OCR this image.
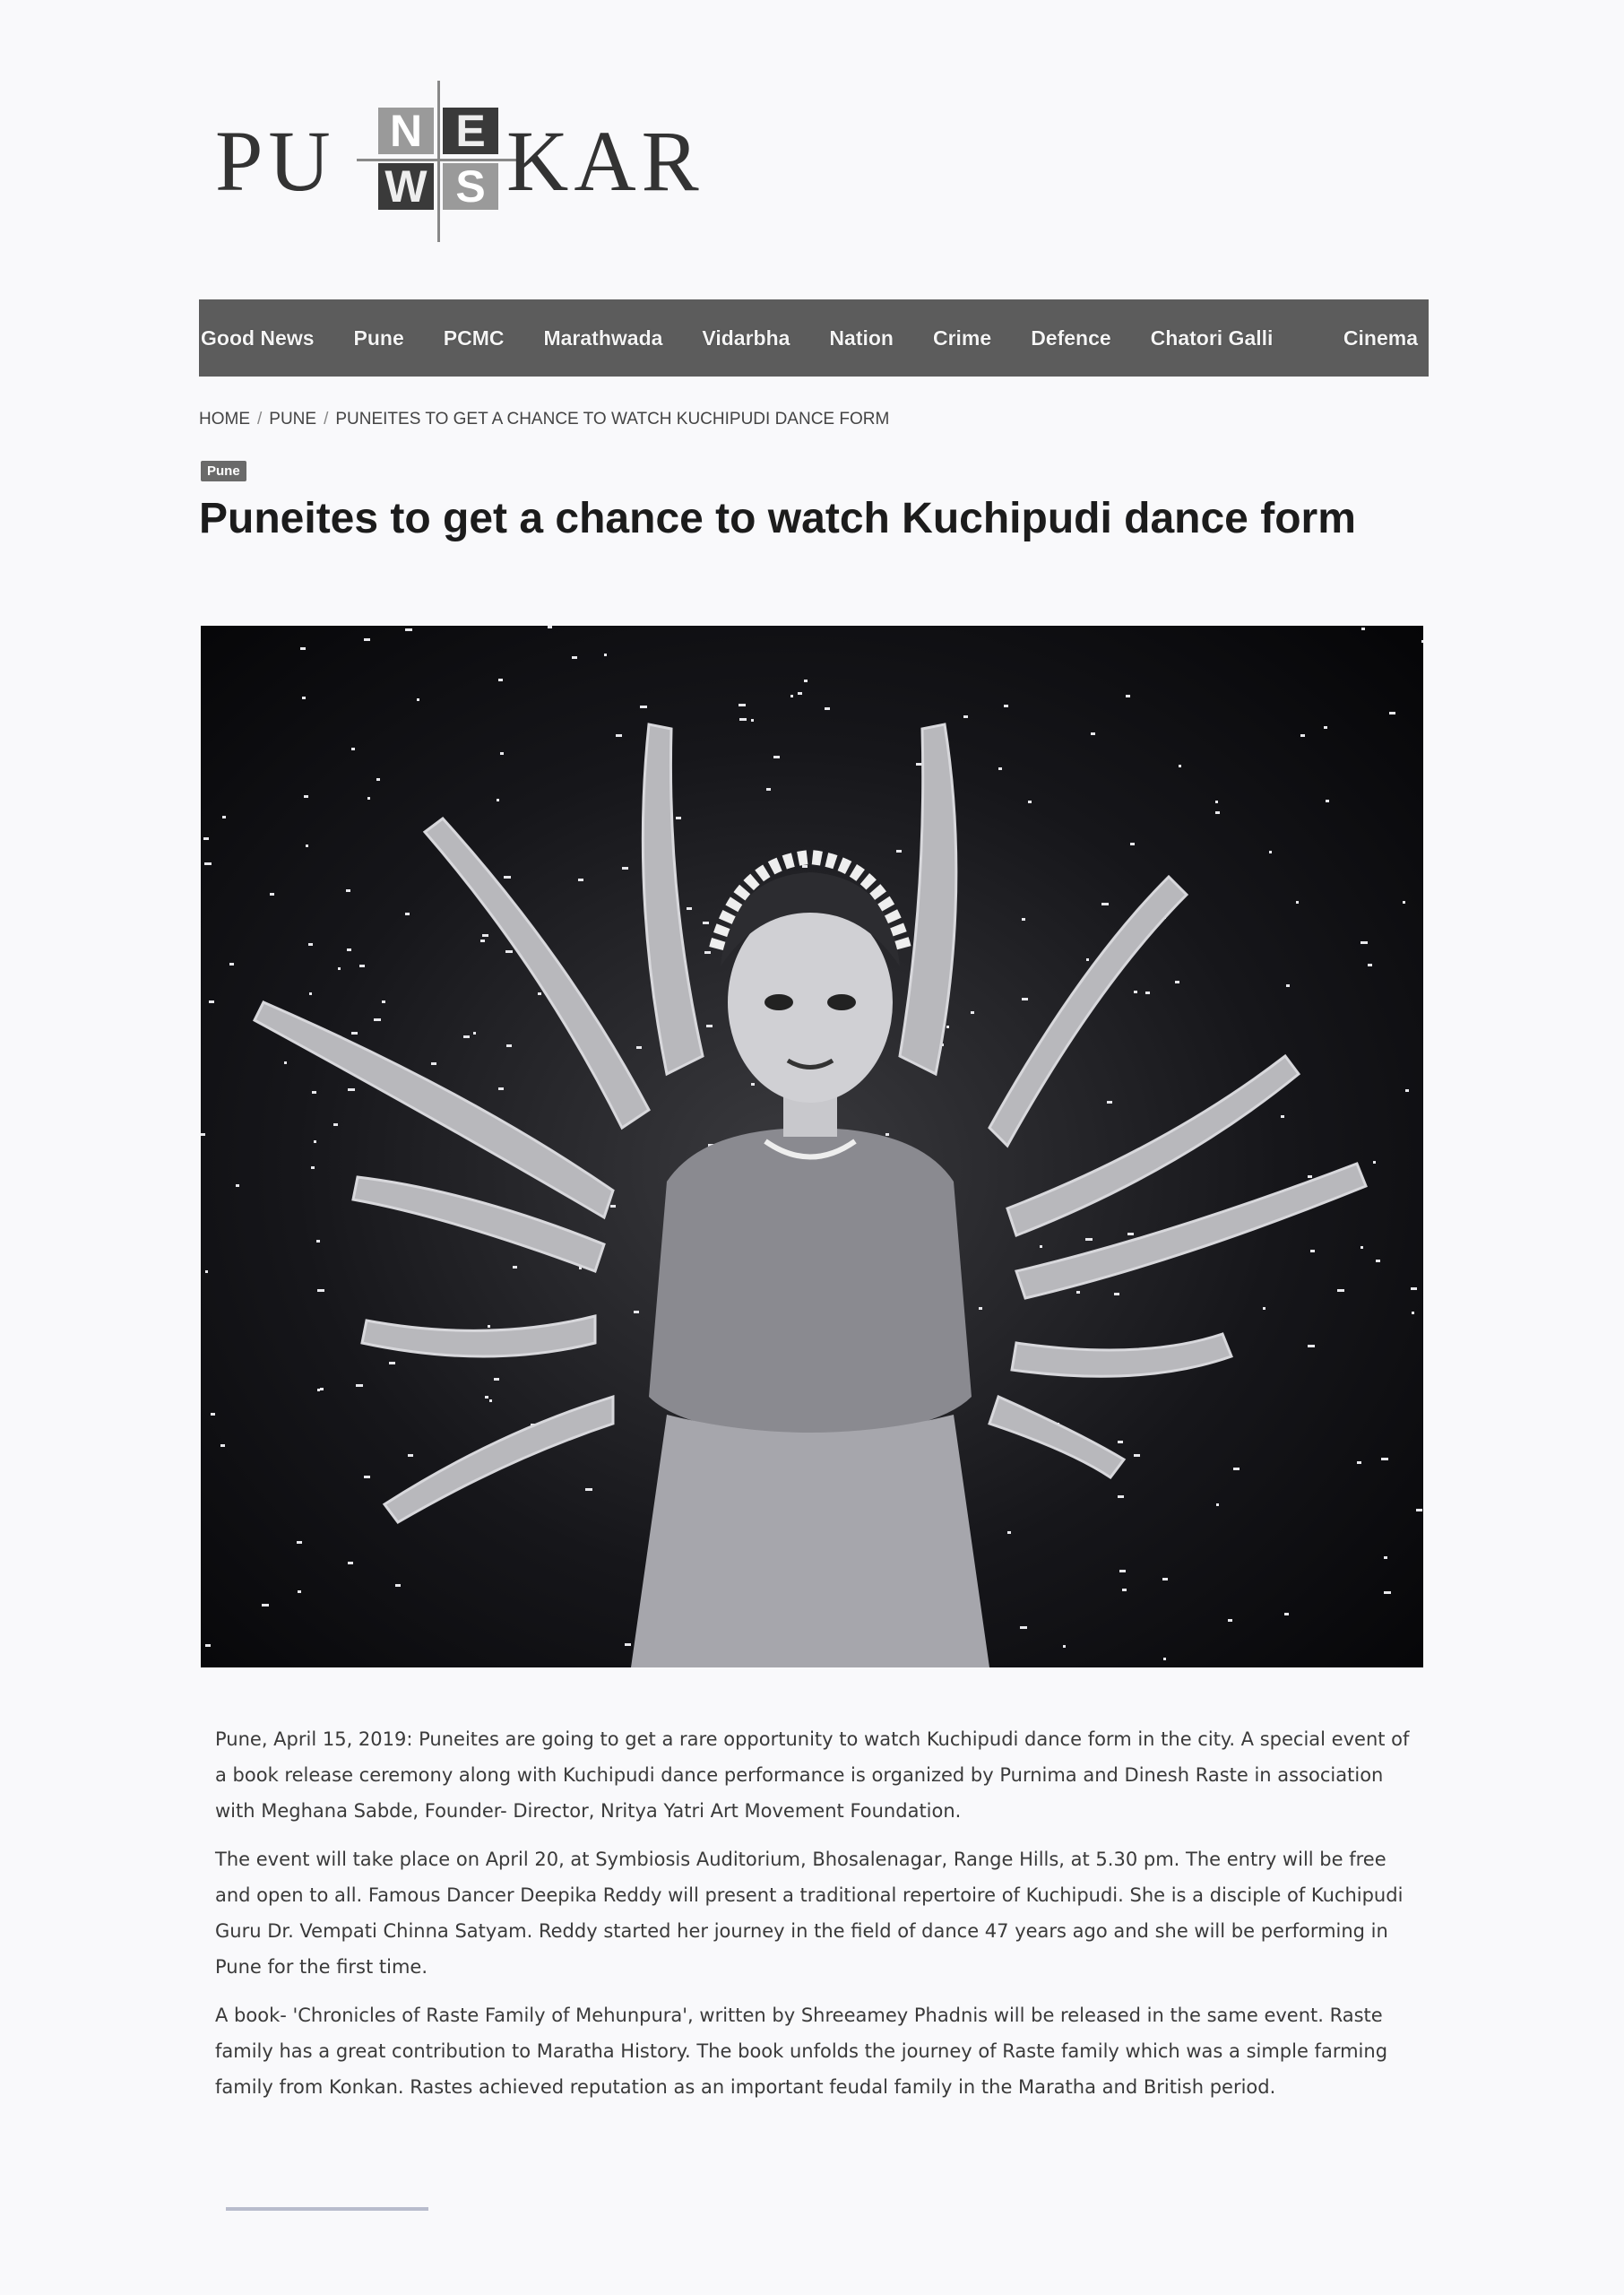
PU N E
W S KAR
Good News Pune PCMC Marathwada Vidarbha Nation Crime Defence Chatori Galli	Cinema
HOME / PUNE / PUNEITES TO GET A CHANCE TO WATCH KUCHIPUDI DANCE FORM
Pune
Puneites to get a chance to watch Kuchipudi dance form

Pune, April 15, 2019: Puneites are going to get a rare opportunity to watch Kuchipudi dance form in the city. A special event of a book release ceremony along with Kuchipudi dance performance is organized by Purnima and Dinesh Raste in association with Meghana Sabde, Founder- Director, Nritya Yatri Art Movement Foundation.

The event will take place on April 20, at Symbiosis Auditorium, Bhosalenagar, Range Hills, at 5.30 pm. The entry will be free and open to all. Famous Dancer Deepika Reddy will present a traditional repertoire of Kuchipudi. She is a disciple of Kuchipudi Guru Dr. Vempati Chinna Satyam. Reddy started her journey in the field of dance 47 years ago and she will be performing in Pune for the first time.

A book- 'Chronicles of Raste Family of Mehunpura', written by Shreeamey Phadnis will be released in the same event. Raste family has a great contribution to Maratha History. The book unfolds the journey of Raste family which was a simple farming family from Konkan. Rastes achieved reputation as an important feudal family in the Maratha and British period.
